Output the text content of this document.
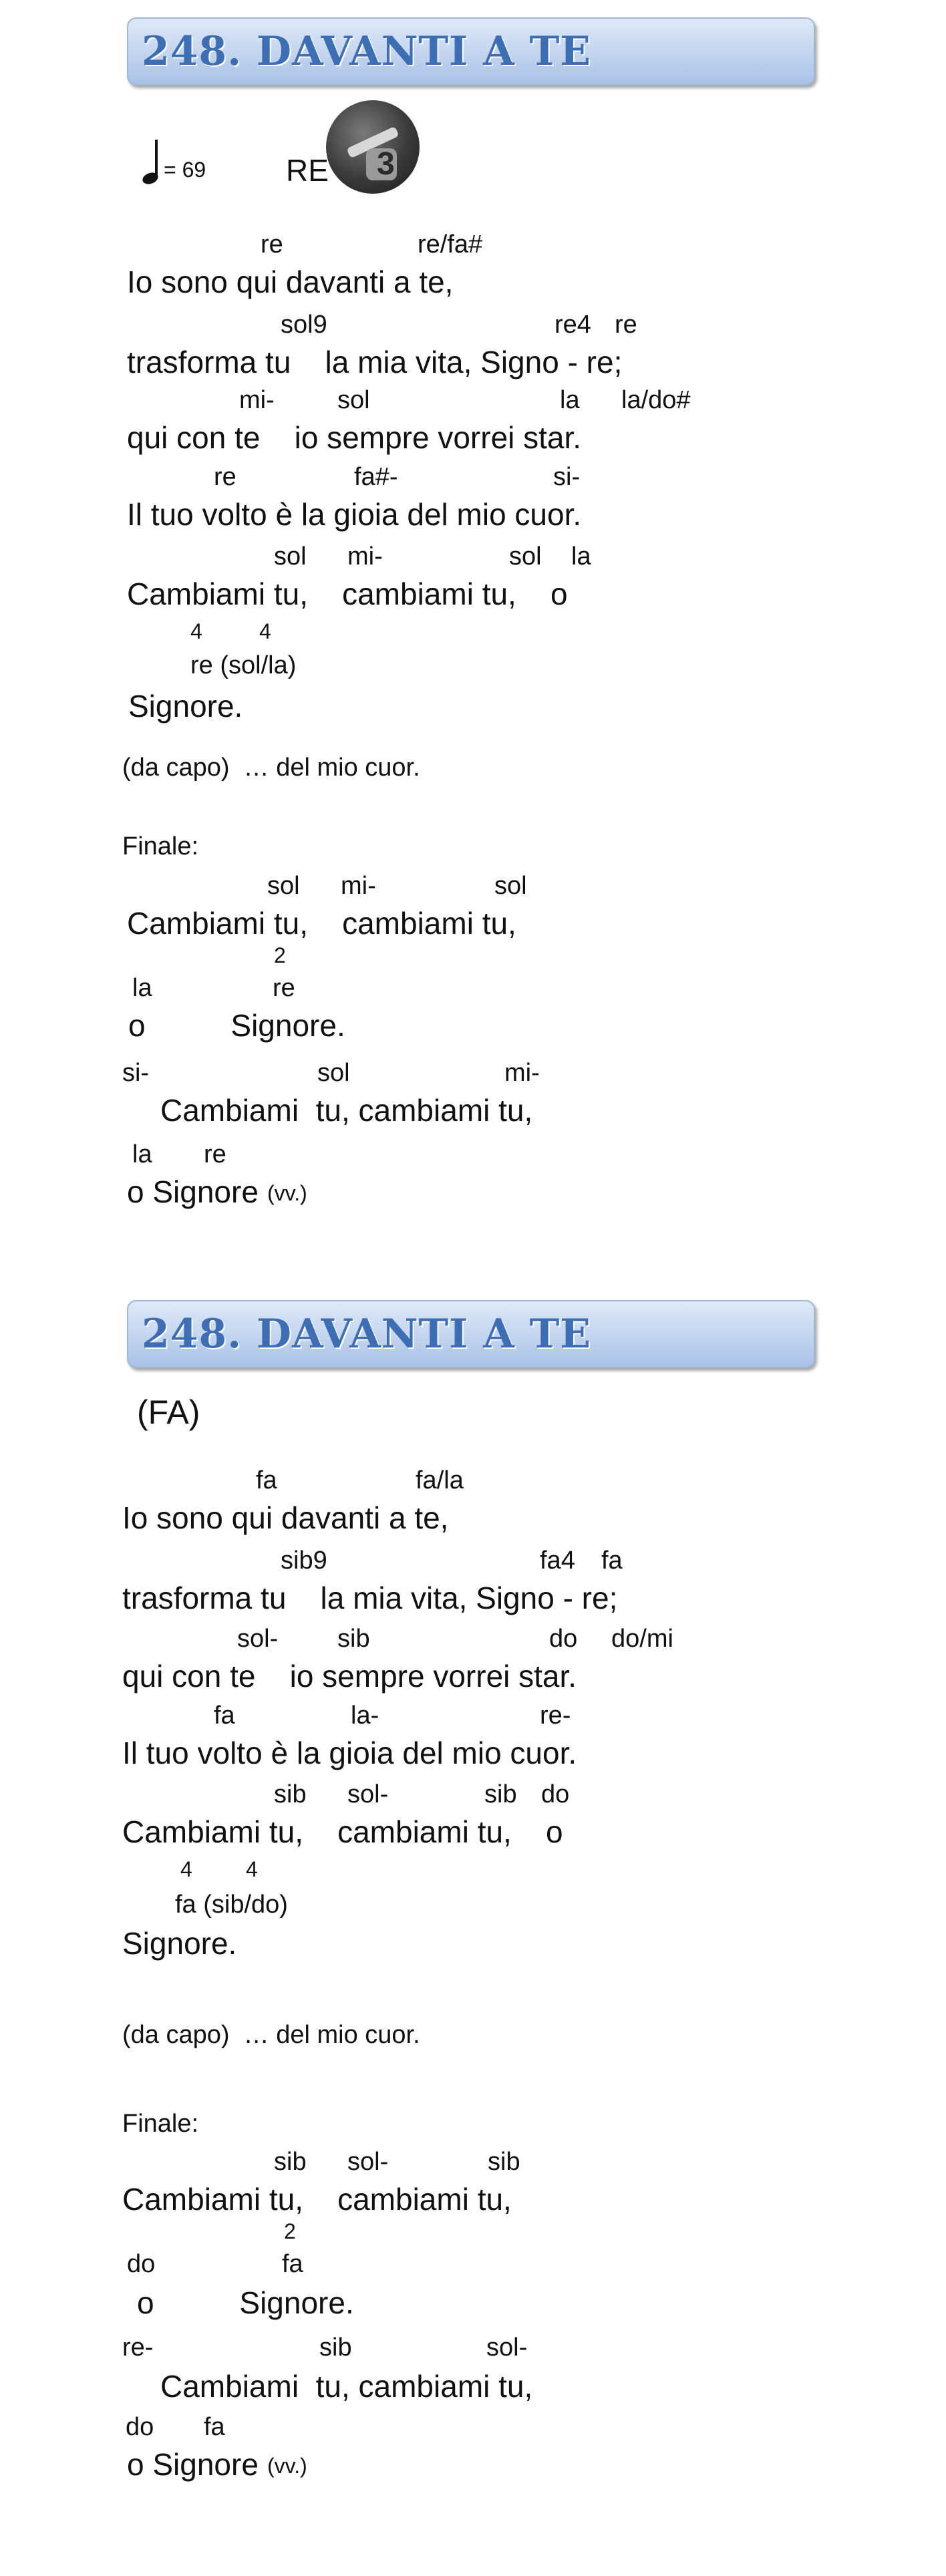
248. DAVANTI A TE
= 69	RE 3
re	re/fa#
Io sono qui davanti a te,
sol9	re4 re
trasforma tu    la mia vita, Signo - re;
mi- sol	la la/do#
qui con te    io sempre vorrei star.
re	fa#-	si-
Il tuo volto è la gioia del mio cuor.
sol mi-	sol la
Cambiami tu,    cambiami tu,    o
4	4
re (sol/la)
Signore.
(da capo)  … del mio cuor.
Finale:
sol mi-	sol
Cambiami tu,    cambiami tu,
2
la	re
o          Signore.
si-	sol	mi-
Cambiami  tu, cambiami tu,
la re
o Signore (vv.)
248. DAVANTI A TE
(FA)
fa	fa/la
Io sono qui davanti a te,
sib9	fa4 fa
trasforma tu    la mia vita, Signo - re;
sol- sib	do do/mi
qui con te    io sempre vorrei star.
fa	la-	re-
Il tuo volto è la gioia del mio cuor.
sib sol-	sib do
Cambiami tu,    cambiami tu,    o
4	4
fa (sib/do)
Signore.
(da capo)  … del mio cuor.
Finale:
sib sol-	sib
Cambiami tu,    cambiami tu,
2
do	fa
o          Signore.
re-	sib	sol-
Cambiami  tu, cambiami tu,
do fa
o Signore (vv.)
